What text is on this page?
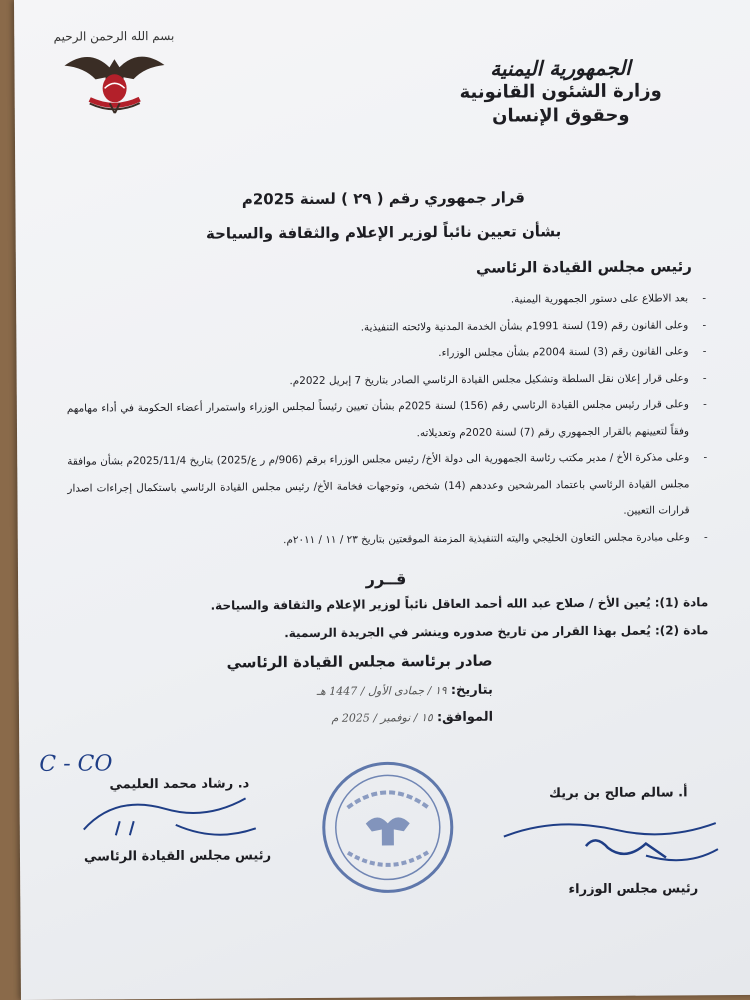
بسم الله الرحمن الرحيم
الجمهورية اليمنية
وزارة الشئون القانونية
وحقوق الإنسان
قرار جمهوري رقم ( ٢٩ ) لسنة 2025م
بشأن تعيين نائباً لوزير الإعلام والثقافة والسياحة
رئيس مجلس القيادة الرئاسي
- بعد الاطلاع على دستور الجمهورية اليمنية.
- وعلى القانون رقم (19) لسنة 1991م بشأن الخدمة المدنية ولائحته التنفيذية.
- وعلى القانون رقم (3) لسنة 2004م بشأن مجلس الوزراء.
- وعلى قرار إعلان نقل السلطة وتشكيل مجلس القيادة الرئاسي الصادر بتاريخ 7 إبريل 2022م.
- وعلى قرار رئيس مجلس القيادة الرئاسي رقم (156) لسنة 2025م بشأن تعيين رئيساً لمجلس الوزراء واستمرار أعضاء الحكومة في أداء مهامهم وفقاً لتعيينهم بالقرار الجمهوري رقم (7) لسنة 2020م وتعديلاته.
- وعلى مذكرة الأخ / مدير مكتب رئاسة الجمهورية الى دولة الأخ/ رئيس مجلس الوزراء برقم (906/م ر ع/2025) بتاريخ 2025/11/4م بشأن موافقة مجلس القيادة الرئاسي باعتماد المرشحين وعددهم (14) شخص، وتوجهات فخامة الأخ/ رئيس مجلس القيادة الرئاسي باستكمال إجراءات اصدار قرارات التعيين.
- وعلى مبادرة مجلس التعاون الخليجي واليته التنفيذية المزمنة الموقعتين بتاريخ ٢٣ / ١١ / ٢٠١١م.
قــرر
مادة (1): يُعين الأخ / صلاح عبد الله أحمد العاقل نائباً لوزير الإعلام والثقافة والسياحة.
مادة (2): يُعمل بهذا القرار من تاريخ صدوره وينشر في الجريدة الرسمية.
صادر برئاسة مجلس القيادة الرئاسي
بتاريخ: ١٩ / جمادى الأول / 1447 هـ
الموافق: ١٥ / نوفمبر / 2025 م
أ. سالم صالح بن بريك
رئيس مجلس الوزراء
د. رشاد محمد العليمي
رئيس مجلس القيادة الرئاسي
C - CO
